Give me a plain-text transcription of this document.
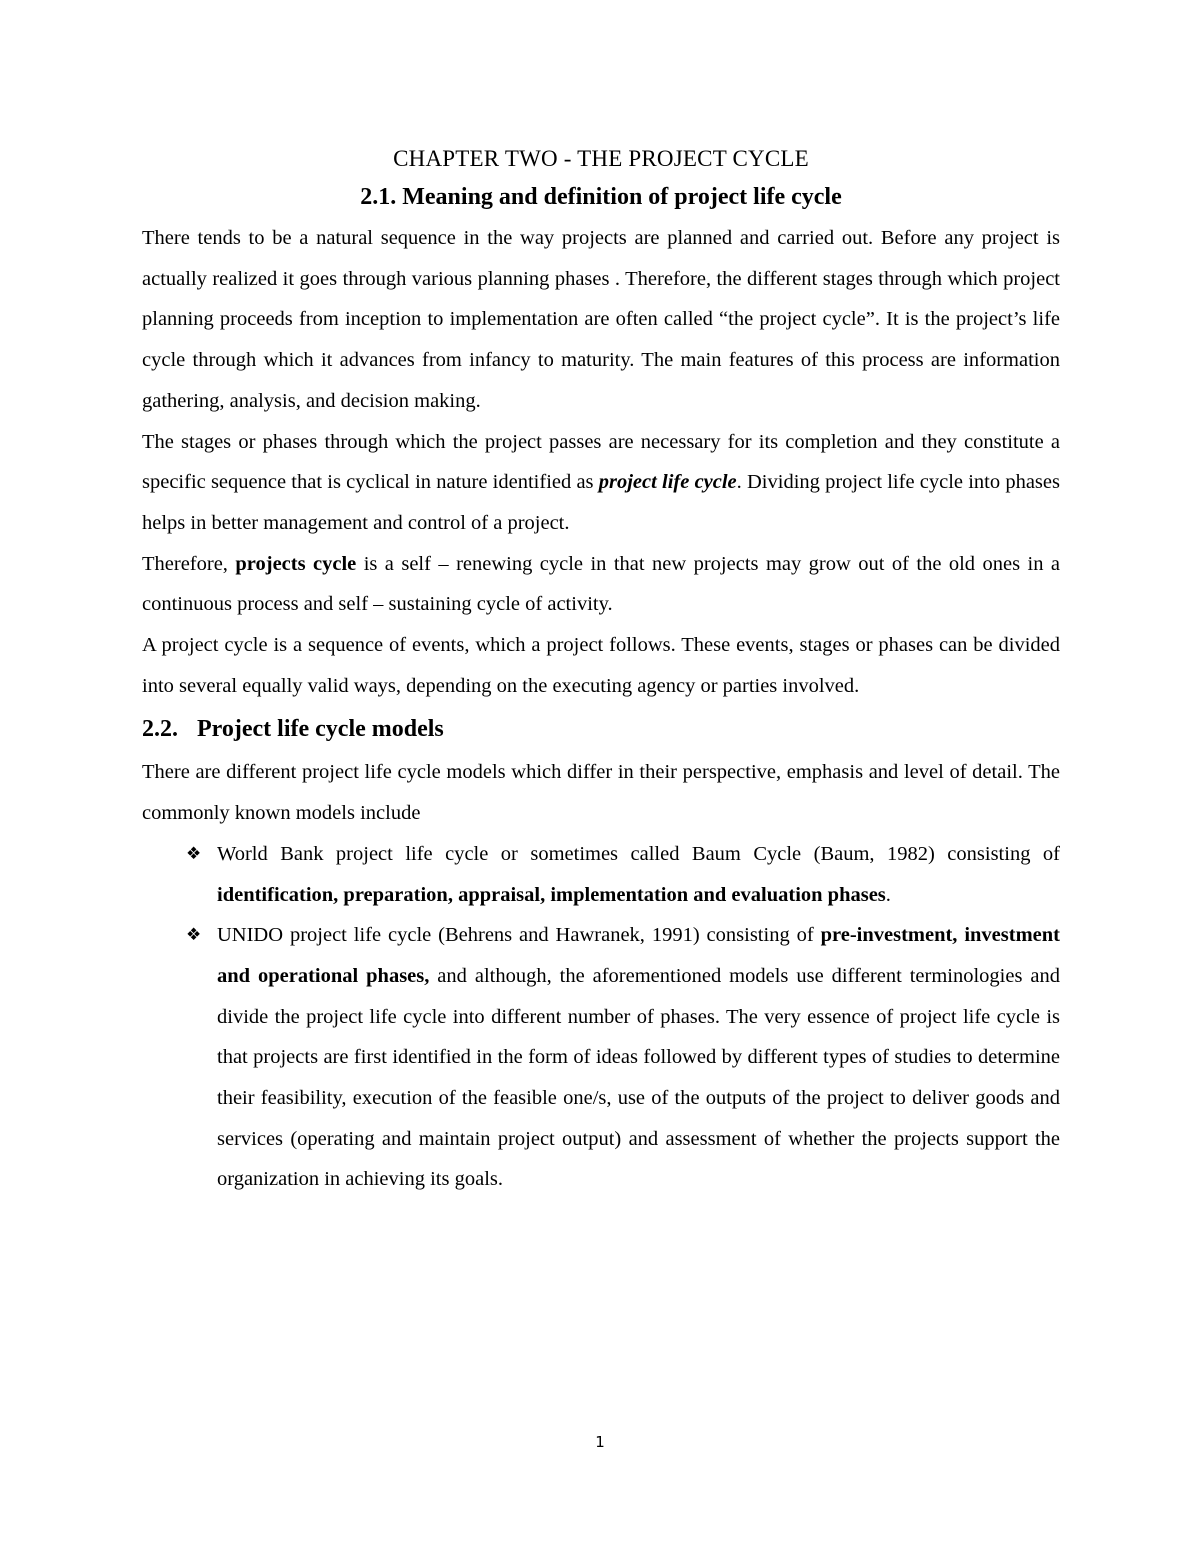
CHAPTER TWO - THE PROJECT CYCLE
2.1. Meaning and definition of project life cycle

There tends to be a natural sequence in the way projects are planned and carried out. Before any project is actually realized it goes through various planning phases . Therefore, the different stages through which project planning proceeds from inception to implementation are often called “the project cycle”. It is the project’s life cycle through which it advances from infancy to maturity. The main features of this process are information gathering, analysis, and decision making.

The stages or phases through which the project passes are necessary for its completion and they constitute a specific sequence that is cyclical in nature identified as project life cycle. Dividing project life cycle into phases helps in better management and control of a project.

Therefore, projects cycle is a self – renewing cycle in that new projects may grow out of the old ones in a continuous process and self – sustaining cycle of activity.

A project cycle is a sequence of events, which a project follows. These events, stages or phases can be divided into several equally valid ways, depending on the executing agency or parties involved.

2.2. Project life cycle models

There are different project life cycle models which differ in their perspective, emphasis and level of detail. The commonly known models include

❖ World Bank project life cycle or sometimes called Baum Cycle (Baum, 1982) consisting of identification, preparation, appraisal, implementation and evaluation phases.
❖ UNIDO project life cycle (Behrens and Hawranek, 1991) consisting of pre-investment, investment and operational phases, and although, the aforementioned models use different terminologies and divide the project life cycle into different number of phases. The very essence of project life cycle is that projects are first identified in the form of ideas followed by different types of studies to determine their feasibility, execution of the feasible one/s, use of the outputs of the project to deliver goods and services (operating and maintain project output) and assessment of whether the projects support the organization in achieving its goals.
1
